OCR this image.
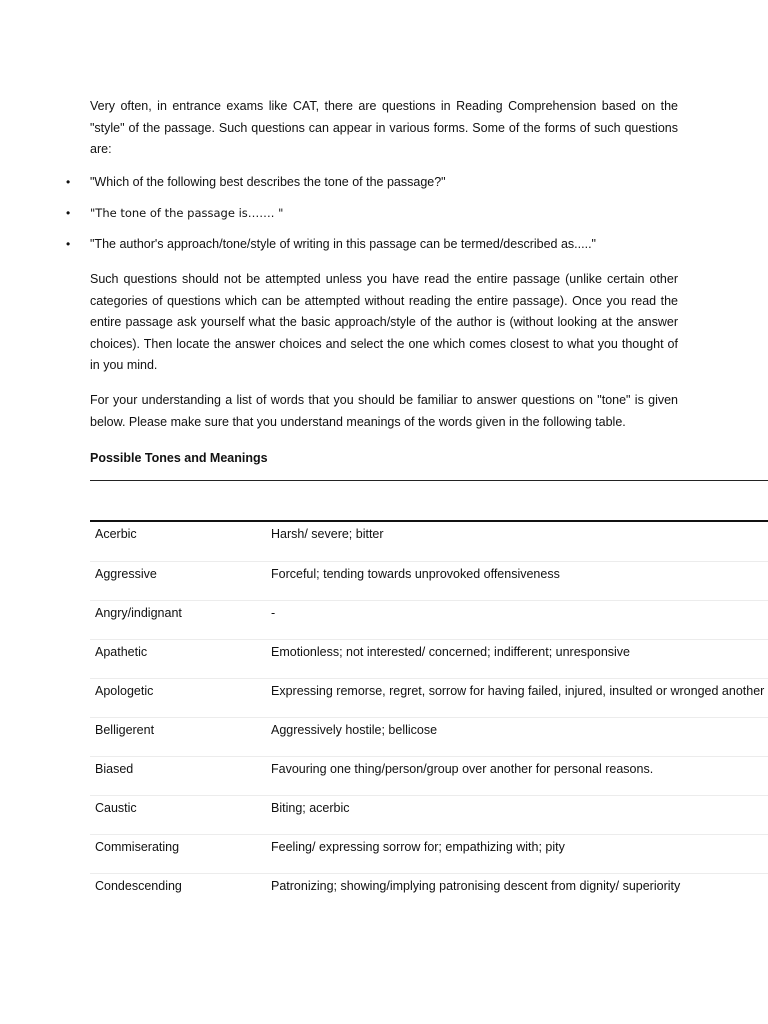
Very often, in entrance exams like CAT, there are questions in Reading Comprehension based on the "style" of the passage. Such questions can appear in various forms. Some of the forms of such questions are:

• "Which of the following best describes the tone of the passage?"
• "The tone of the passage is……. "
• "The author's approach/tone/style of writing in this passage can be termed/described as....."

Such questions should not be attempted unless you have read the entire passage (unlike certain other categories of questions which can be attempted without reading the entire passage). Once you read the entire passage ask yourself what the basic approach/style of the author is (without looking at the answer choices). Then locate the answer choices and select the one which comes closest to what you thought of in you mind.

For your understanding a list of words that you should be familiar to answer questions on "tone" is given below. Please make sure that you understand meanings of the words given in the following table.

Possible Tones and Meanings
Acerbic	Harsh/ severe; bitter
Aggressive	Forceful; tending towards unprovoked offensiveness
Angry/indignant	-
Apathetic	Emotionless; not interested/ concerned; indifferent; unresponsive
Apologetic	Expressing remorse, regret, sorrow for having failed, injured, insulted or wronged another
Belligerent	Aggressively hostile; bellicose
Biased	Favouring one thing/person/group over another for personal reasons.
Caustic	Biting; acerbic
Commiserating	Feeling/ expressing sorrow for; empathizing with; pity
Condescending	Patronizing; showing/implying patronising descent from dignity/ superiority
